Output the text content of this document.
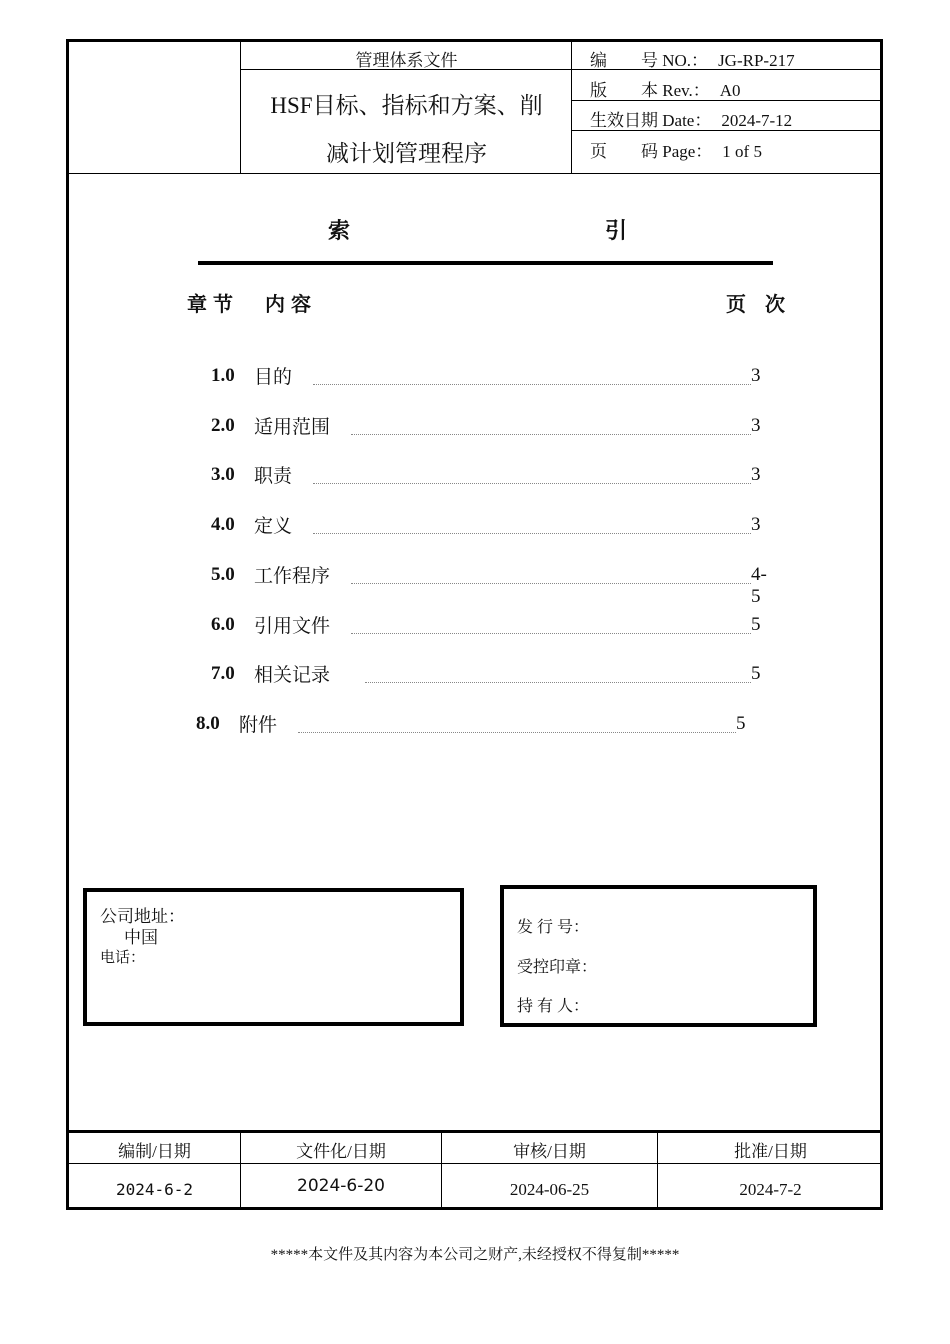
管理体系文件
HSF目标、指标和方案、削
减计划管理程序
编　　号 NO.： JG-RP-217
版　　本 Rev.： A0
生效日期 Date： 2024-7-12
页　　码 Page： 1 of 5
索	引
章节　内容	页 次
1.0 目的	3
2.0 适用范围	3
3.0 职责	3
4.0 定义	3
5.0 工作程序	4-5
6.0 引用文件	5
7.0 相关记录	5
8.0 附件	5
公司地址：
中国
电话：
发 行 号：
受控印章：
持 有 人：
编制/日期	文件化/日期	审核/日期	批准/日期
2024-6-2	2024-6-20	2024-06-25	2024-7-2
*****本文件及其内容为本公司之财产,未经授权不得复制*****
